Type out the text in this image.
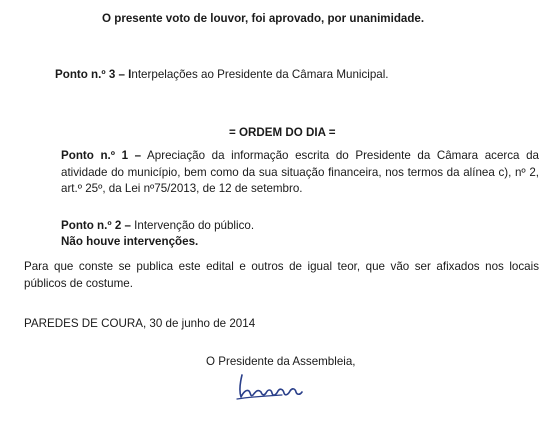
O presente voto de louvor, foi aprovado, por unanimidade.
Ponto n.º 3 – Interpelações ao Presidente da Câmara Municipal.
= ORDEM DO DIA =
Ponto n.º 1 – Apreciação da informação escrita do Presidente da Câmara acerca da atividade do município, bem como da sua situação financeira, nos termos da alínea c), nº 2, art.º 25º, da Lei nº75/2013, de 12 de setembro.
Ponto n.º 2 – Intervenção do público.
Não houve intervenções.
Para que conste se publica este edital e outros de igual teor, que vão ser afixados nos locais públicos de costume.
PAREDES DE COURA, 30 de junho de 2014
O Presidente da Assembleia,
